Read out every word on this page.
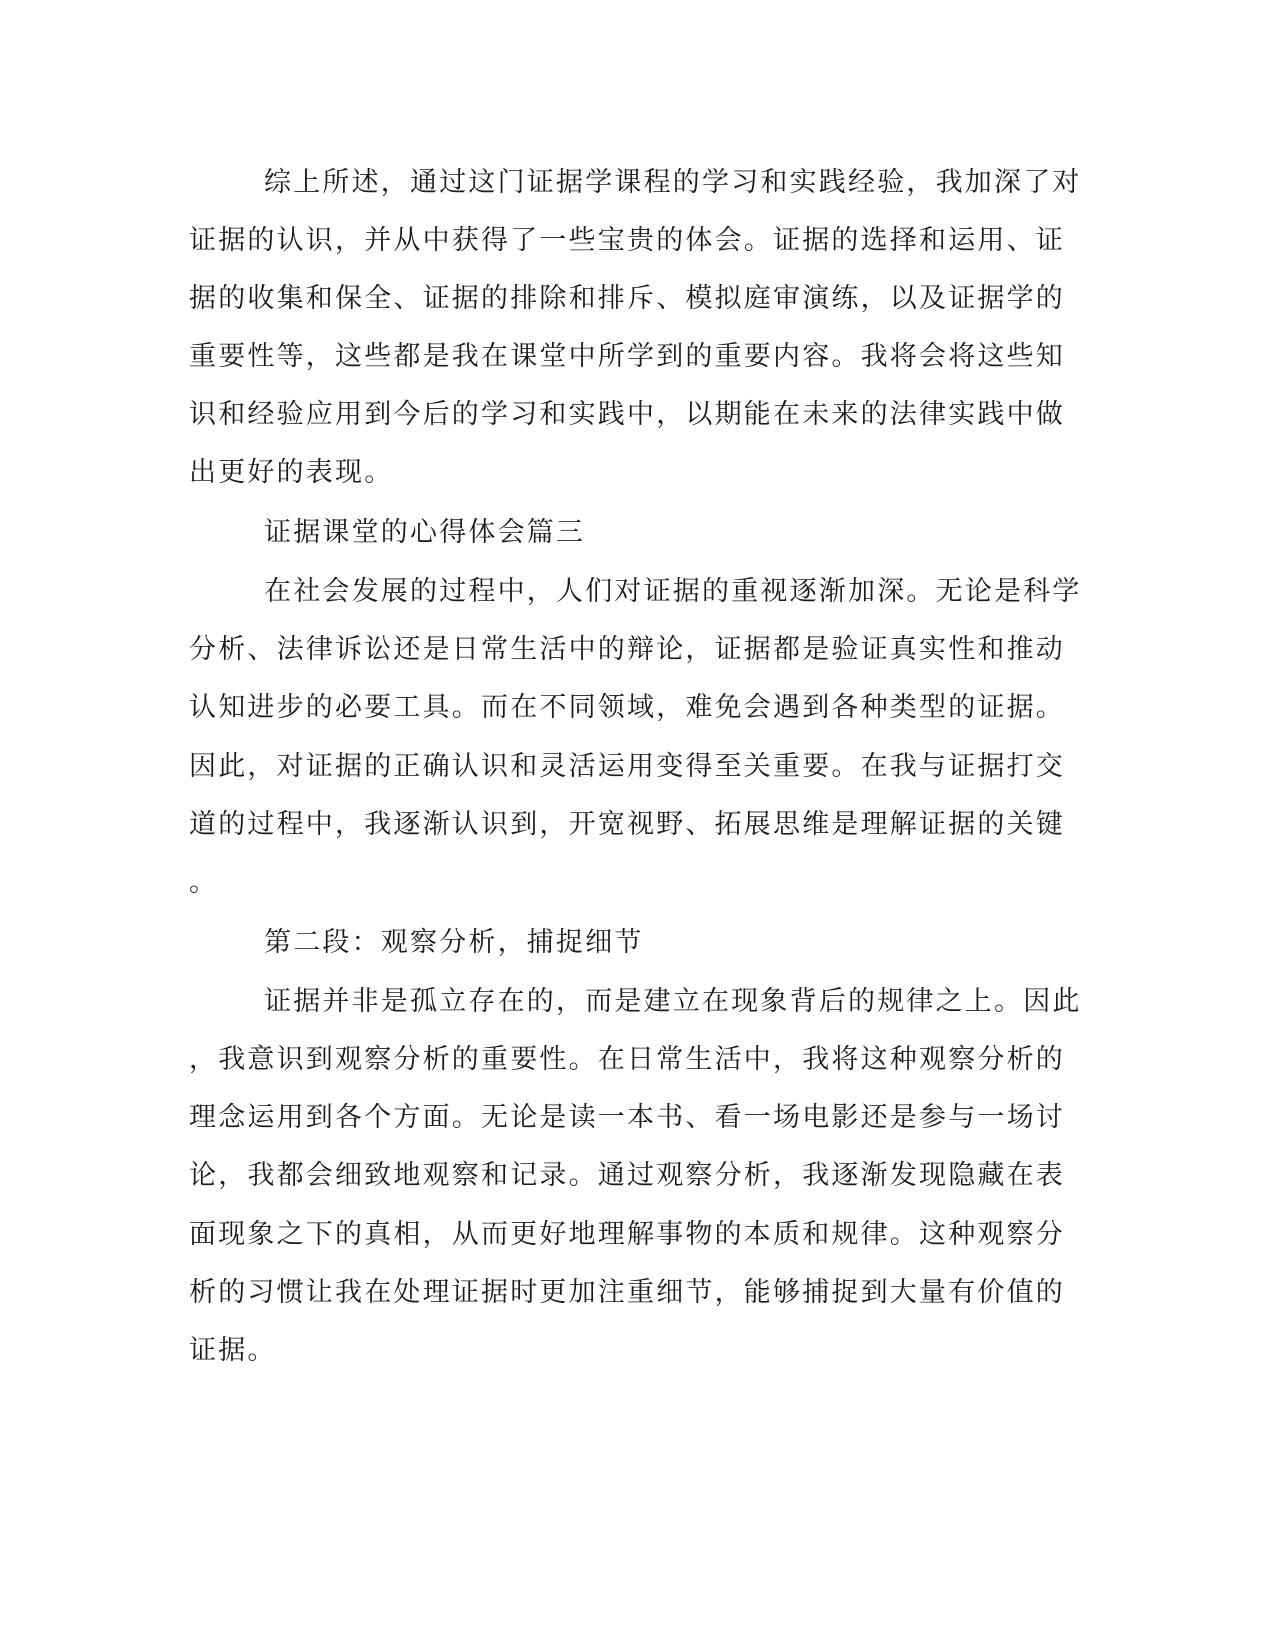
综上所述，通过这门证据学课程的学习和实践经验，我加深了对

证据的认识，并从中获得了一些宝贵的体会。证据的选择和运用、证

据的收集和保全、证据的排除和排斥、模拟庭审演练，以及证据学的

重要性等，这些都是我在课堂中所学到的重要内容。我将会将这些知

识和经验应用到今后的学习和实践中，以期能在未来的法律实践中做

出更好的表现。

证据课堂的心得体会篇三

在社会发展的过程中，人们对证据的重视逐渐加深。无论是科学

分析、法律诉讼还是日常生活中的辩论，证据都是验证真实性和推动

认知进步的必要工具。而在不同领域，难免会遇到各种类型的证据。

因此，对证据的正确认识和灵活运用变得至关重要。在我与证据打交

道的过程中，我逐渐认识到，开宽视野、拓展思维是理解证据的关键

。

第二段：观察分析，捕捉细节

证据并非是孤立存在的，而是建立在现象背后的规律之上。因此

，我意识到观察分析的重要性。在日常生活中，我将这种观察分析的

理念运用到各个方面。无论是读一本书、看一场电影还是参与一场讨

论，我都会细致地观察和记录。通过观察分析，我逐渐发现隐藏在表

面现象之下的真相，从而更好地理解事物的本质和规律。这种观察分

析的习惯让我在处理证据时更加注重细节，能够捕捉到大量有价值的

证据。
